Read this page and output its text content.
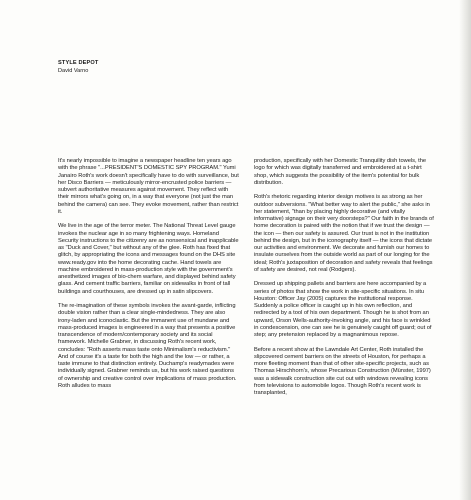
STYLE DEPOT
David Varno

It's nearly impossible to imagine a newspaper headline ten years ago with the phrase "...PRESIDENT'S DOMESTIC SPY PROGRAM." Yumi Janairo Roth's work doesn't specifically have to do with surveillance, but her Disco Barriers — meticulously mirror-encrusted police barriers — subvert authoritative measures against movement. They reflect with their mirrors what's going on, in a way that everyone (not just the man behind the camera) can see. They evoke movement, rather than restrict it.

We live in the age of the terror meter. The National Threat Level gauge invokes the nuclear age in so many frightening ways. Homeland Security instructions to the citizenry are as nonsensical and inapplicable as "Duck and Cover," but without any of the glee. Roth has fixed that glitch, by appropriating the icons and messages found on the DHS site www.ready.gov into the home decorating cache. Hand towels are machine embroidered in mass-production style with the government's anesthetized images of bio-chem warfare, and displayed behind safety glass. And cement traffic barriers, familiar on sidewalks in front of tall buildings and courthouses, are dressed up in satin slipcovers.

The re-imagination of these symbols invokes the avant-garde, inflicting double vision rather than a clear single-mindedness. They are also irony-laden and iconoclastic. But the immanent use of mundane and mass-produced images is engineered in a way that presents a positive transcendence of modern/contemporary society and its social framework. Michelle Grabner, in discussing Roth's recent work, concludes: "Roth asserts mass taste onto Minimalism's reductivism." And of course it's a taste for both the high and the low — or rather, a taste immune to that distinction entirely. Duchamp's readymades were individually signed. Grabner reminds us, but his work raised questions of ownership and creative control over implications of mass production. Roth alludes to mass

production, specifically with her Domestic Tranquility dish towels, the logo for which was digitally transferred and embroidered at a t-shirt shop, which suggests the possibility of the item's potential for bulk distribution.

Roth's rhetoric regarding interior design motives is as strong as her outdoor subversions. "What better way to alert the public," she asks in her statement, "than by placing highly decorative (and vitally informative) signage on their very doorsteps?" Our faith in the brands of home decoration is paired with the notion that if we trust the design — the icon — then our safety is assured. Our trust is not in the institution behind the design, but in the iconography itself — the icons that dictate our activities and environment. We decorate and furnish our homes to insulate ourselves from the outside world as part of our longing for the ideal; Roth's juxtaposition of decoration and safety reveals that feelings of safety are desired, not real (Rodgers).

Dressed up shipping pallets and barriers are here accompanied by a series of photos that show the work in site-specific situations. In situ Houston: Officer Jay (2005) captures the institutional response. Suddenly a police officer is caught up in his own reflection, and redirected by a tool of his own department. Though he is shot from an upward, Orson Wells-authority-invoking angle, and his face is wrinkled in condescension, one can see he is genuinely caught off guard; out of step; any pretension replaced by a magnanimous repose.

Before a recent show at the Lawndale Art Center, Roth installed the slipcovered cement barriers on the streets of Houston, for perhaps a more fleeting moment than that of other site-specific projects, such as Thomas Hirschhorn's, whose Precarious Construction (Münster, 1997) was a sidewalk construction site cut out with windows revealing icons from televisions to automobile logos. Though Roth's recent work is transplanted,
